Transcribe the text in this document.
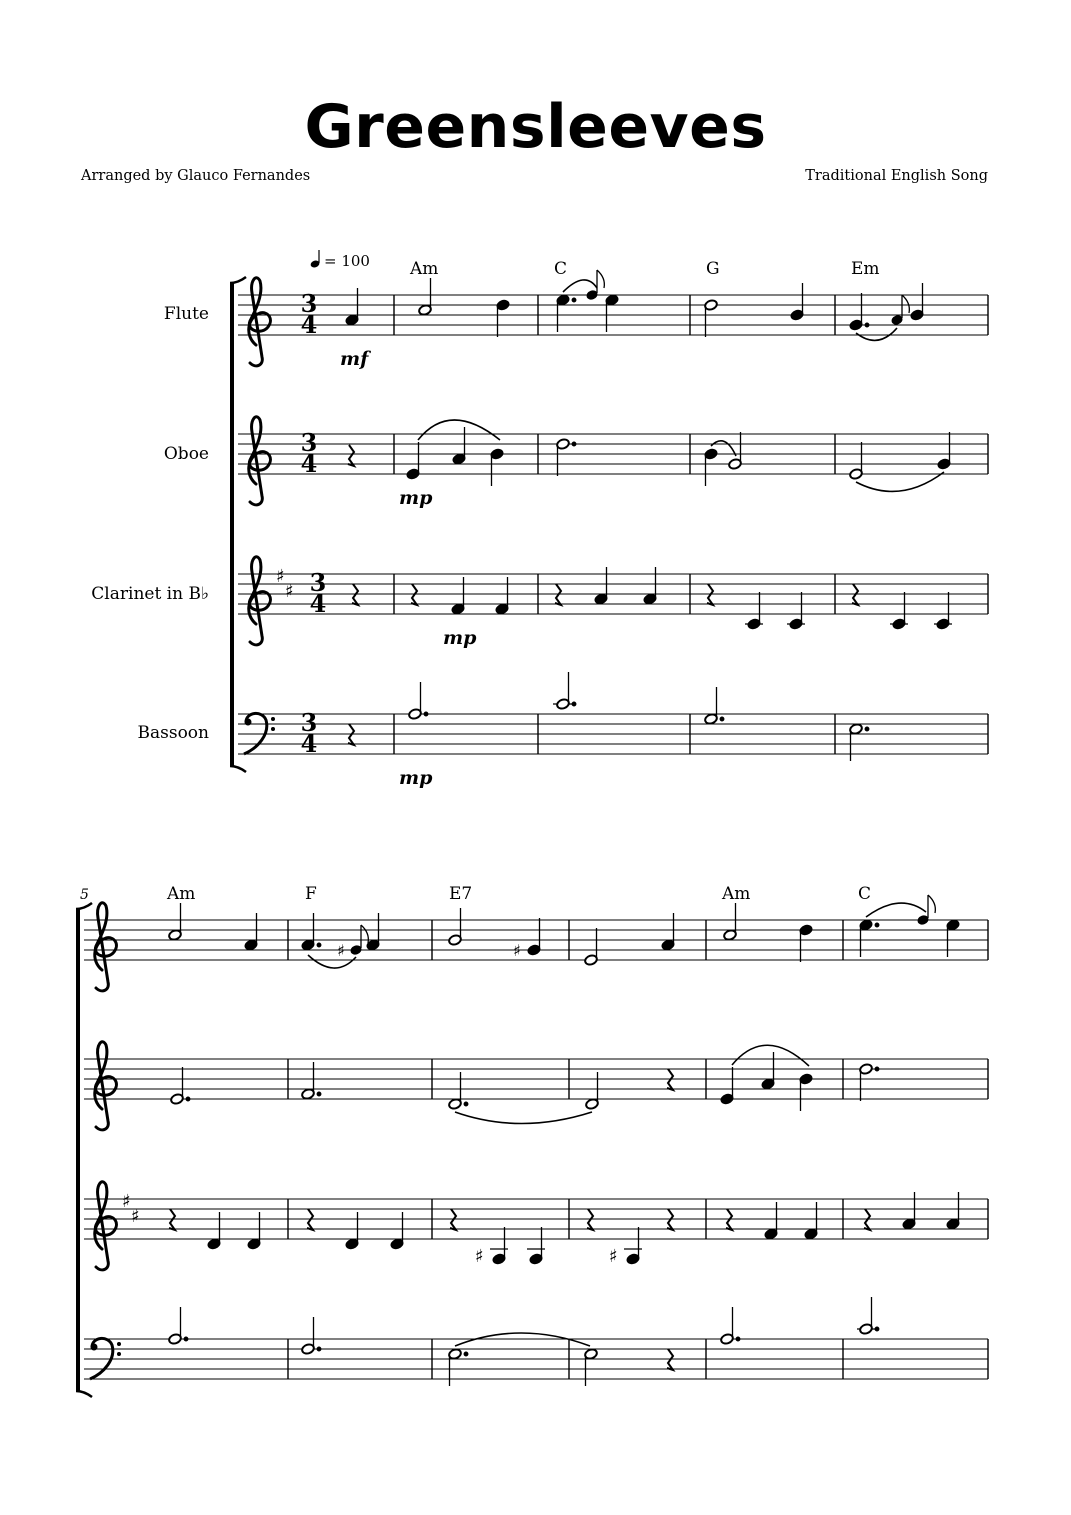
Greensleeves
Arranged by Glauco Fernandes	Traditional English Song
= 100 Am	C	G	Em
Flute
Oboe
Clarinet in B♭
Bassoon
♯
♯
3
4
3
4
3
4
3
4
mf
mp
mp
mp
5	Am	F	E7	Am	C
♯
♯
♯	♯
♯	♯
